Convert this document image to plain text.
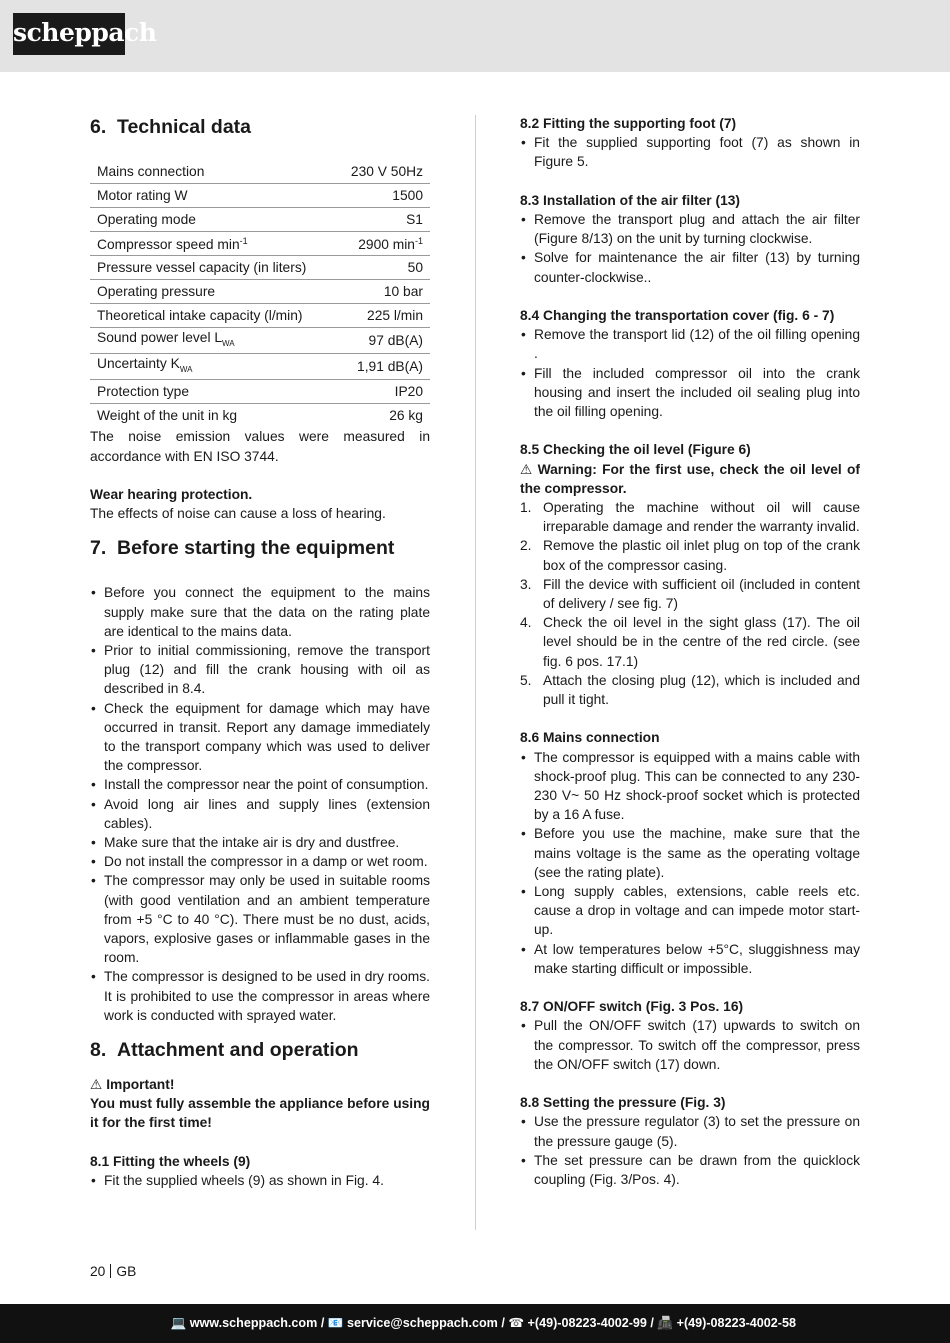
scheppach
6. Technical data
Mains connection	230 V 50Hz
Motor rating W	1500
Operating mode	S1
Compressor speed $\min^{-1}$	2900 $\min^{-1}$
Pressure vessel capacity (in liters)	50
Operating pressure	10 bar
Theoretical intake capacity (l/min)	225 l/min
Sound power level $L_{WA}$	97 dB(A)
Uncertainty $K_{WA}$	1,91 dB(A)
Protection type	IP20
Weight of the unit in kg	26 kg

The noise emission values were measured in accordance with EN ISO 3744.

Wear hearing protection.

The effects of noise can cause a loss of hearing.

7. Before starting the equipment
• Before you connect the equipment to the mains supply make sure that the data on the rating plate are identical to the mains data.
• Prior to initial commissioning, remove the transport plug (12) and fill the crank housing with oil as described in 8.4.
• Check the equipment for damage which may have occurred in transit. Report any damage immediately to the transport company which was used to deliver the compressor.
• Install the compressor near the point of consumption.
• Avoid long air lines and supply lines (extension cables).
• Make sure that the intake air is dry and dustfree.
• Do not install the compressor in a damp or wet room.
• The compressor may only be used in suitable rooms (with good ventilation and an ambient temperature from +5 °C to 40 °C). There must be no dust, acids, vapors, explosive gases or inflammable gases in the room.
• The compressor is designed to be used in dry rooms. It is prohibited to use the compressor in areas where work is conducted with sprayed water.
8. Attachment and operation

⚠ Important!

You must fully assemble the appliance before using it for the first time!

8.1 Fitting the wheels (9)

• Fit the supplied wheels (9) as shown in Fig. 4.

8.2 Fitting the supporting foot (7)

• Fit the supplied supporting foot (7) as shown in Figure 5.

8.3 Installation of the air filter (13)

• Remove the transport plug and attach the air filter (Figure 8/13) on the unit by turning clockwise.
• Solve for maintenance the air filter (13) by turning counter-clockwise..

8.4 Changing the transportation cover (fig. 6 - 7)

• Remove the transport lid (12) of the oil filling opening .
• Fill the included compressor oil into the crank housing and insert the included oil sealing plug into the oil filling opening.

8.5 Checking the oil level (Figure 6)

⚠ Warning: For the first use, check the oil level of the compressor.

1. Operating the machine without oil will cause irreparable damage and render the warranty invalid.
2. Remove the plastic oil inlet plug on top of the crank box of the compressor casing.
3. Fill the device with sufficient oil (included in content of delivery / see fig. 7)
4. Check the oil level in the sight glass (17). The oil level should be in the centre of the red circle. (see fig. 6 pos. 17.1)
5. Attach the closing plug (12), which is included and pull it tight.

8.6 Mains connection

• The compressor is equipped with a mains cable with shock-proof plug. This can be connected to any 230-230 V~ 50 Hz shock-proof socket which is protected by a 16 A fuse.
• Before you use the machine, make sure that the mains voltage is the same as the operating voltage (see the rating plate).
• Long supply cables, extensions, cable reels etc. cause a drop in voltage and can impede motor start-up.
• At low temperatures below +5°C, sluggishness may make starting difficult or impossible.

8.7 ON/OFF switch (Fig. 3 Pos. 16)

• Pull the ON/OFF switch (17) upwards to switch on the compressor. To switch off the compressor, press the ON/OFF switch (17) down.

8.8 Setting the pressure (Fig. 3)

• Use the pressure regulator (3) to set the pressure on the pressure gauge (5).
• The set pressure can be drawn from the quicklock coupling (Fig. 3/Pos. 4).
20 GB
💻 www.scheppach.com / 📧 service@scheppach.com / ☎ +(49)-08223-4002-99 / 📠 +(49)-08223-4002-58
